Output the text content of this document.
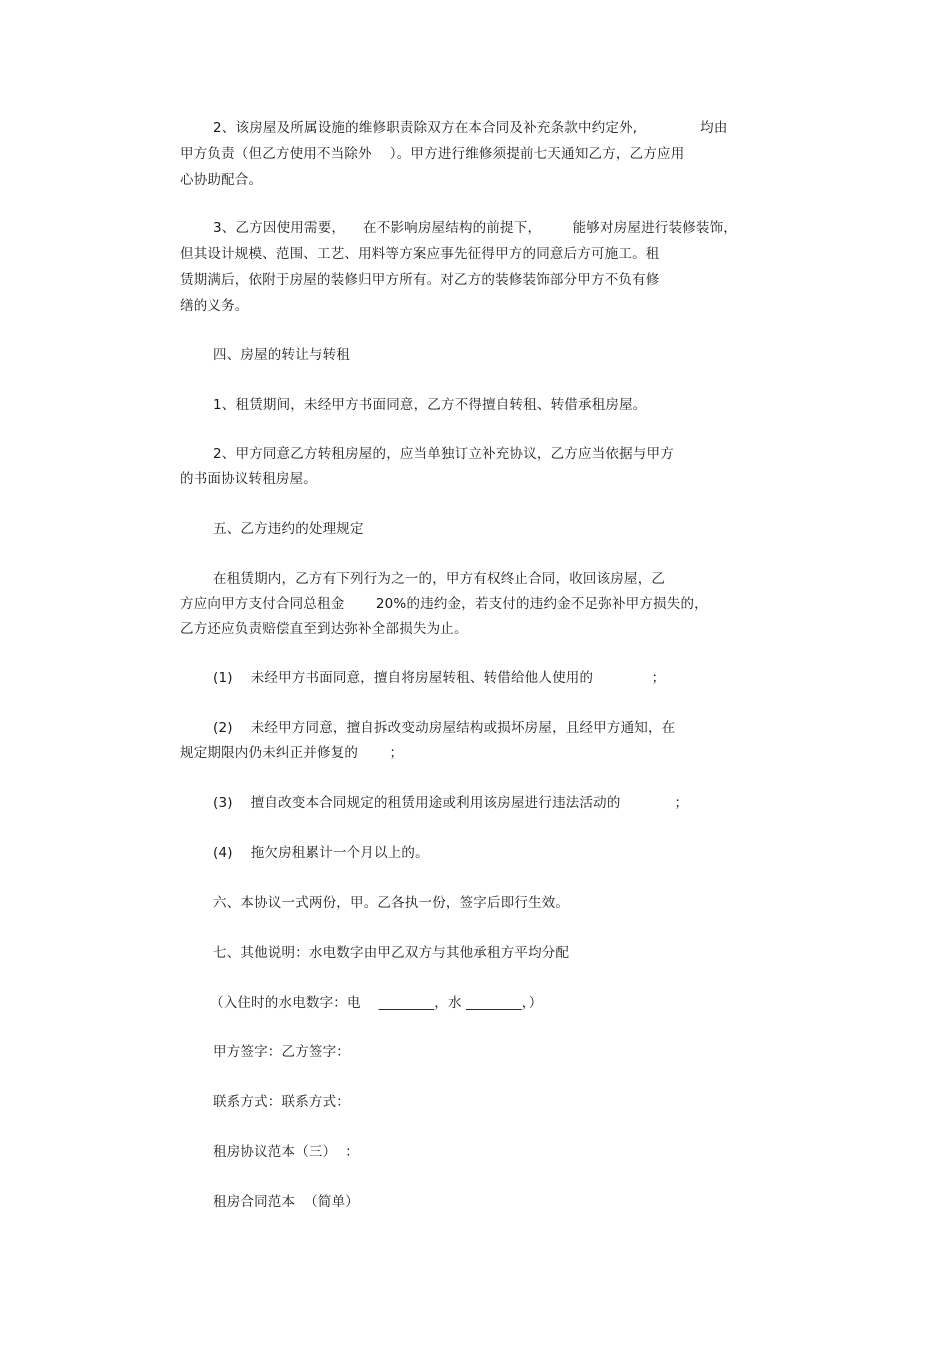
2、该房屋及所属设施的维修职责除双方在本合同及补充条款中约定外,              均由
甲方负责（但乙方使用不当除外    ）。甲方进行维修须提前七天通知乙方，乙方应用
心协助配合。
3、乙方因使用需要，    在不影响房屋结构的前提下，       能够对房屋进行装修装饰，
但其设计规模、范围、工艺、用料等方案应事先征得甲方的同意后方可施工。租
赁期满后，依附于房屋的装修归甲方所有。对乙方的装修装饰部分甲方不负有修
缮的义务。
四、房屋的转让与转租
1、租赁期间，未经甲方书面同意，乙方不得擅自转租、转借承租房屋。
2、甲方同意乙方转租房屋的，应当单独订立补充协议，乙方应当依据与甲方
的书面协议转租房屋。
五、乙方违约的处理规定
在租赁期内，乙方有下列行为之一的，甲方有权终止合同，收回该房屋，乙
方应向甲方支付合同总租金       20%的违约金，若支付的违约金不足弥补甲方损失的，
乙方还应负责赔偿直至到达弥补全部损失为止。
(1)    未经甲方书面同意，擅自将房屋转租、转借给他人使用的             ；
(2)    未经甲方同意，擅自拆改变动房屋结构或损坏房屋，且经甲方通知，在
规定期限内仍未纠正并修复的       ；
(3)    擅自改变本合同规定的租赁用途或利用该房屋进行违法活动的            ；
(4)    拖欠房租累计一个月以上的。
六、本协议一式两份，甲。乙各执一份，签字后即行生效。
七、其他说明：水电数字由甲乙双方与其他承租方平均分配
（入住时的水电数字：电    ________，水 ________，）
甲方签字：乙方签字：
联系方式：联系方式：
租房协议范本（三）  ：
租房合同范本  （简单）
